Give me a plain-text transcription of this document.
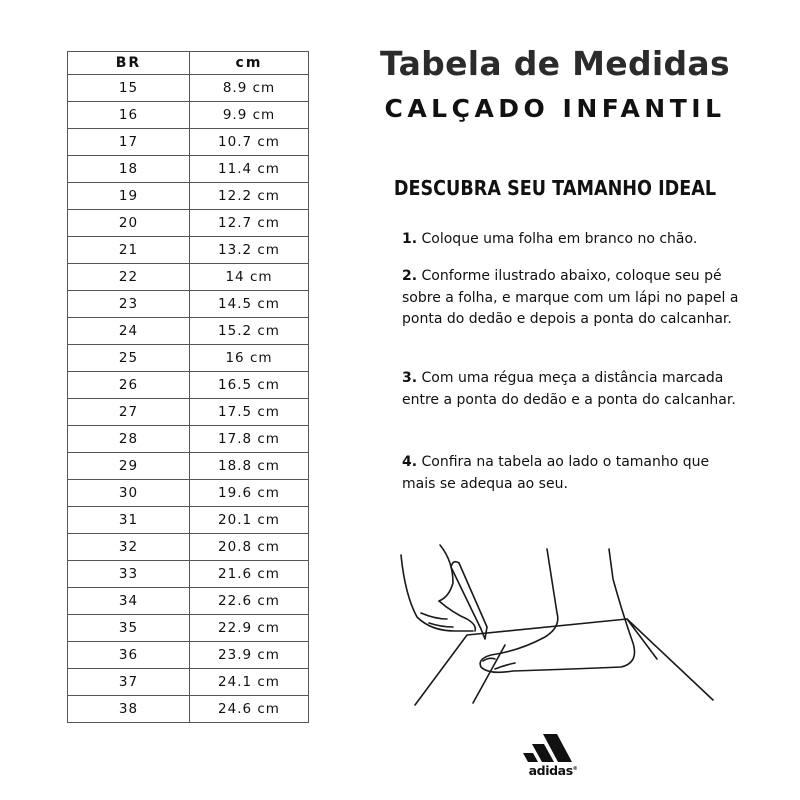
BR	cm
15	8.9 cm
16	9.9 cm
17	10.7 cm
18	11.4 cm
19	12.2 cm
20	12.7 cm
21	13.2 cm
22	14 cm
23	14.5 cm
24	15.2 cm
25	16 cm
26	16.5 cm
27	17.5 cm
28	17.8 cm
29	18.8 cm
30	19.6 cm
31	20.1 cm
32	20.8 cm
33	21.6 cm
34	22.6 cm
35	22.9 cm
36	23.9 cm
37	24.1 cm
38	24.6 cm
Tabela de Medidas
CALÇADO INFANTIL
DESCUBRA SEU TAMANHO IDEAL

1. Coloque uma folha em branco no chão.

2. Conforme ilustrado abaixo, coloque seu pé sobre a folha, e marque com um lápi no papel a ponta do dedão e depois a ponta do calcanhar.

3. Com uma régua meça a distância marcada entre a ponta do dedão e a ponta do calcanhar.

4. Confira na tabela ao lado o tamanho que mais se adequa ao seu.

adidas®
